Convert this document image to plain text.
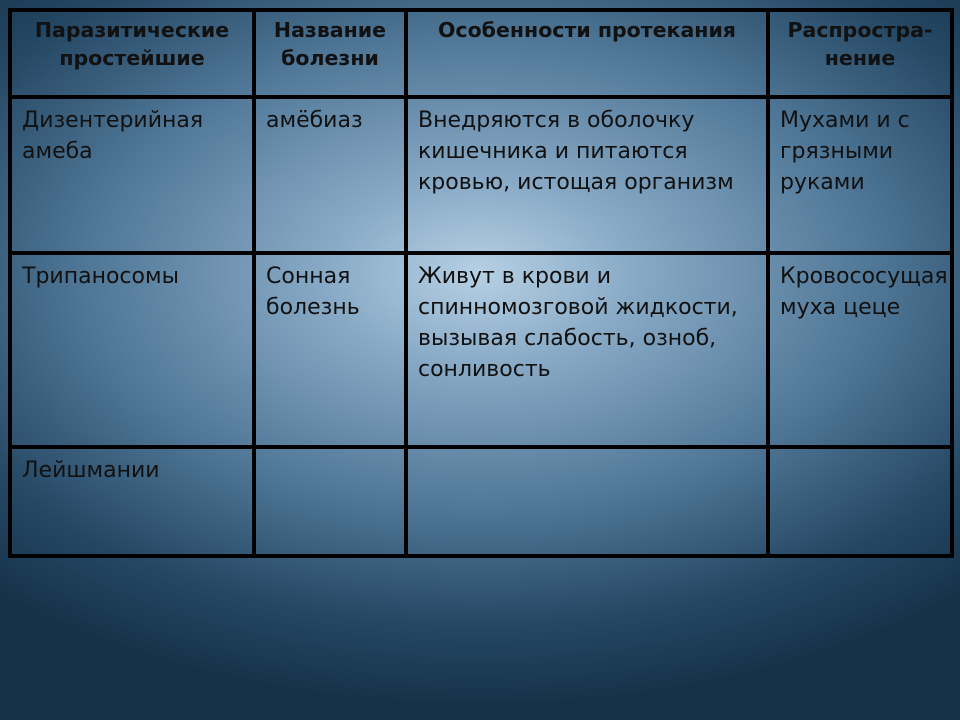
Паразитические простейшие	Название болезни	Особенности протекания	Распростра-нение
Дизентерийная амеба	амёбиаз	Внедряются в оболочку кишечника и питаются кровью, истощая организм	Мухами и с грязными руками
Трипаносомы	Сонная болезнь	Живут в крови и спинномозговой жидкости, вызывая слабость, озноб, сонливость	Кровососущая муха цеце
Лейшмании			
